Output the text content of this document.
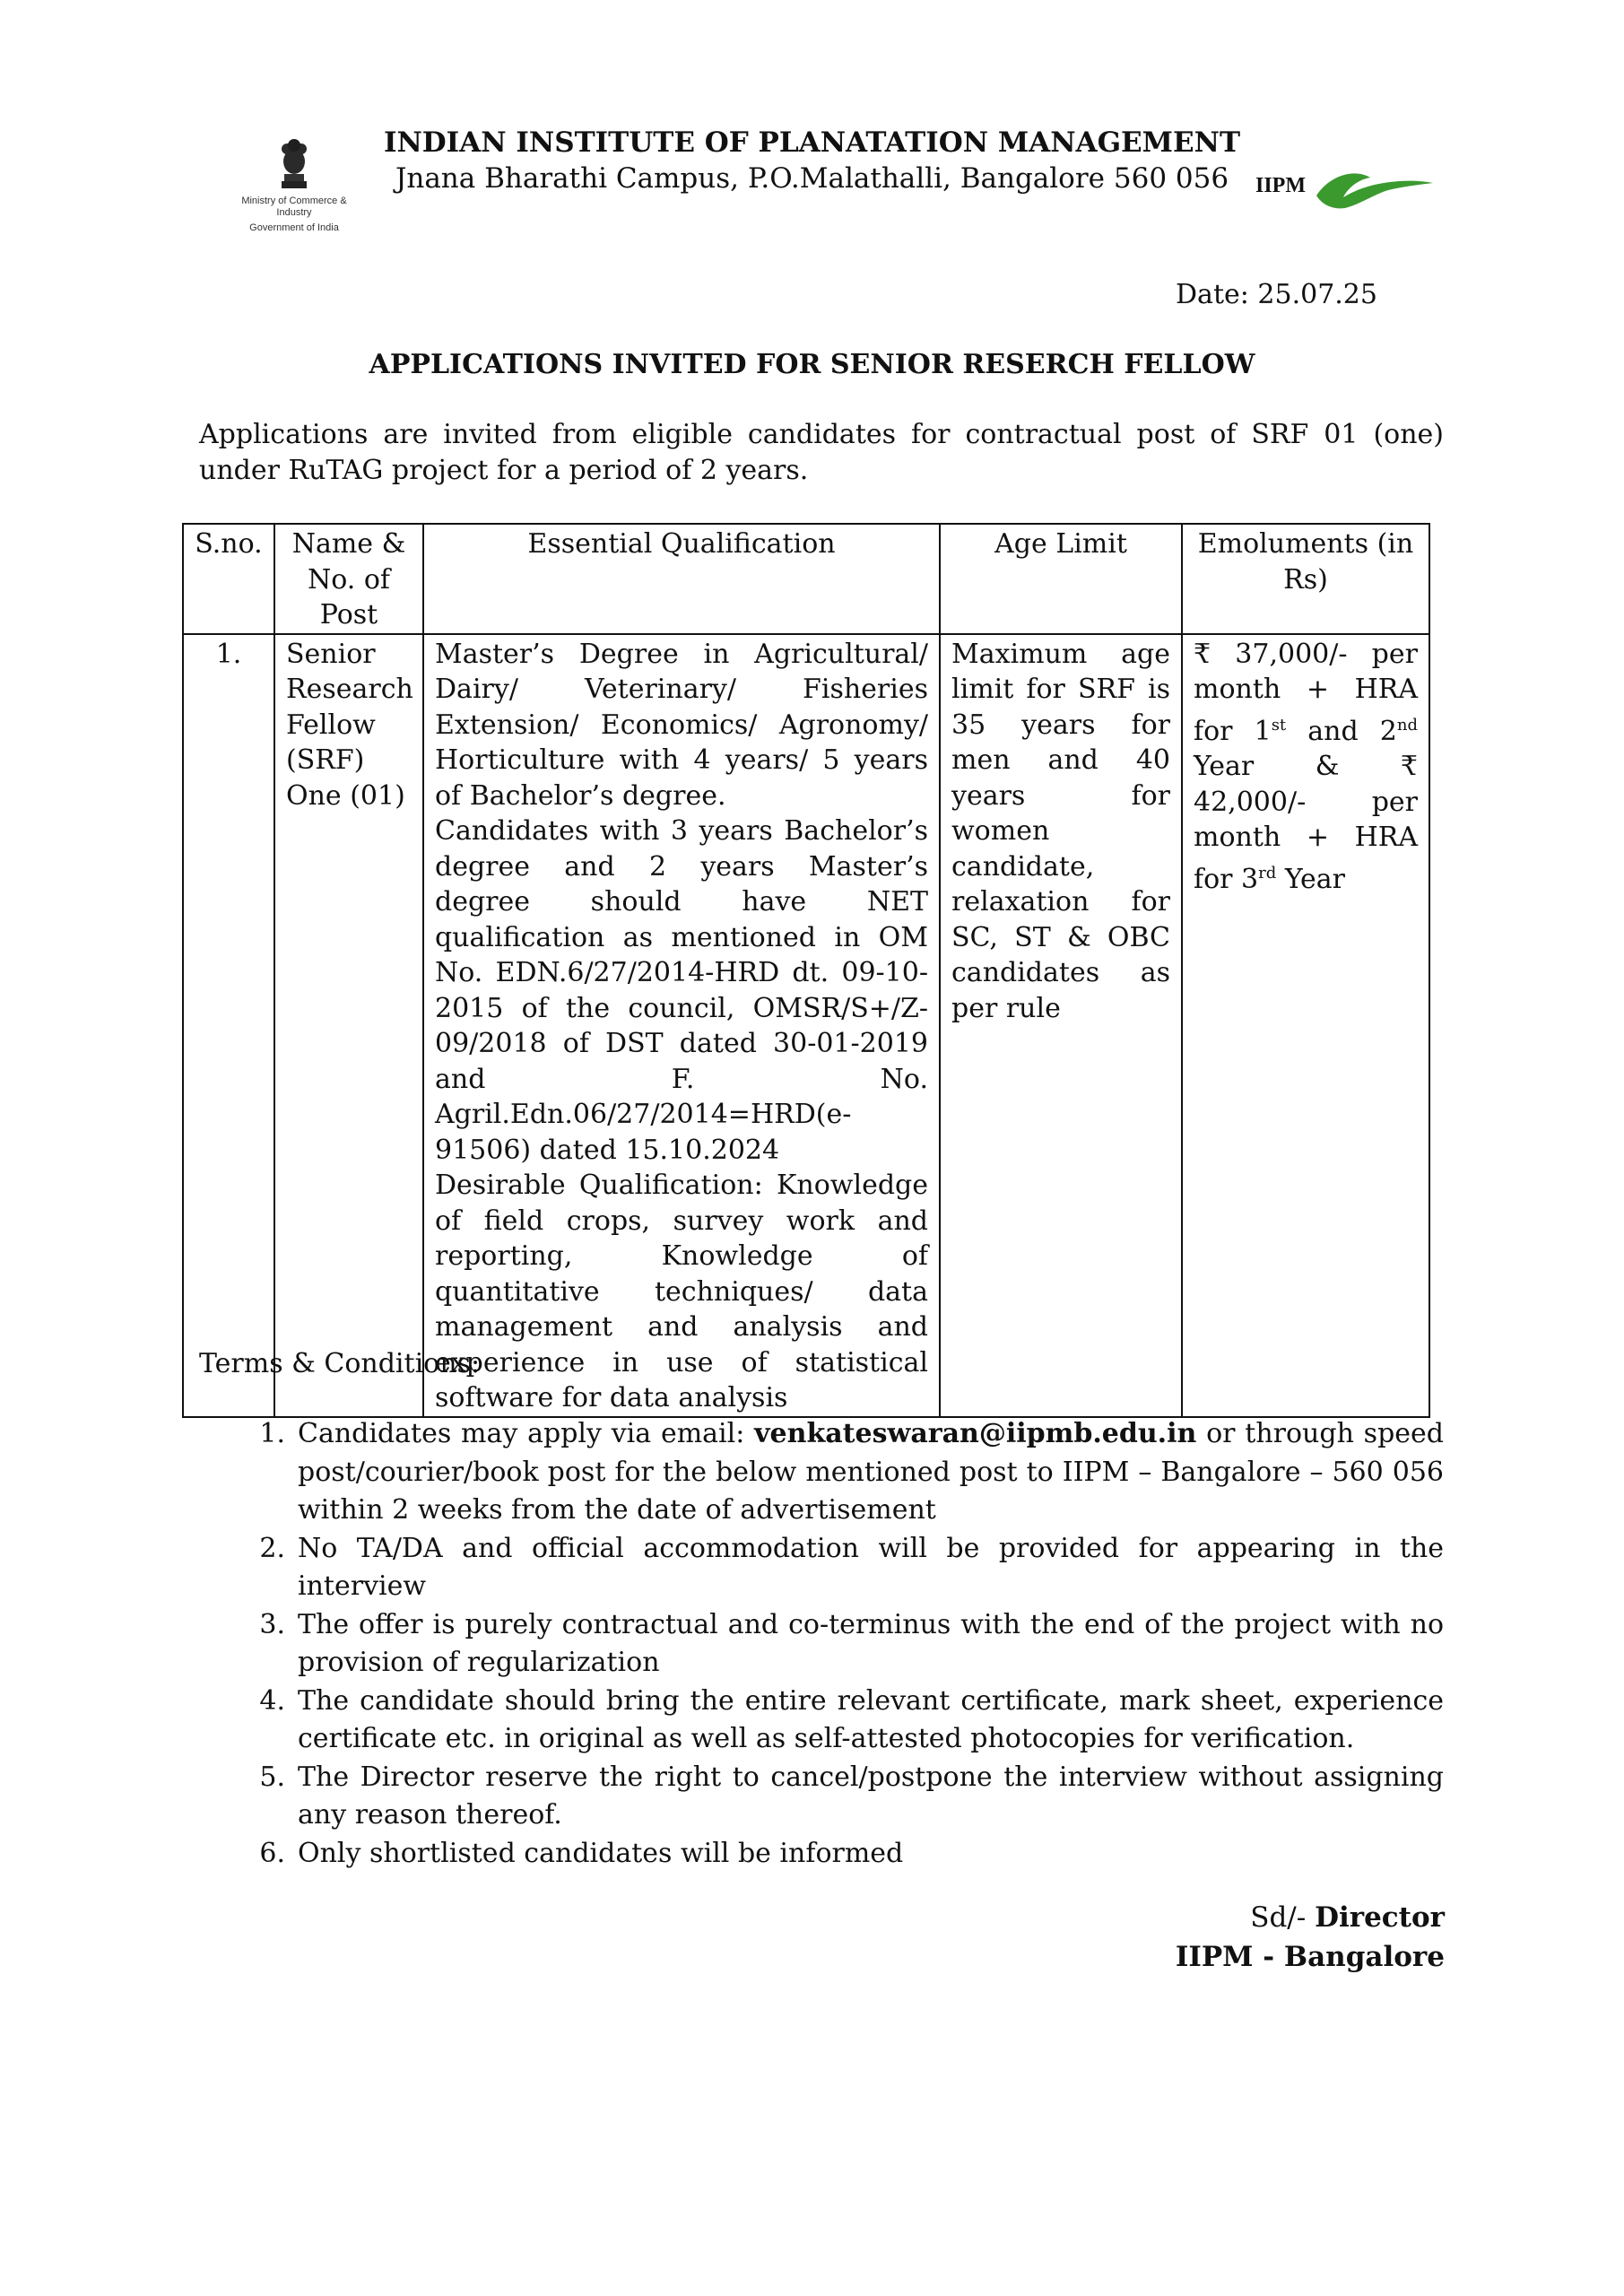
Ministry of Commerce & Industry
Government of India
INDIAN INSTITUTE OF PLANATATION MANAGEMENT
Jnana Bharathi Campus, P.O.Malathalli, Bangalore 560 056	IIPM
Date: 25.07.25
APPLICATIONS INVITED FOR SENIOR RESERCH FELLOW
Applications are invited from eligible candidates for contractual post of SRF 01 (one) under RuTAG project for a period of 2 years.
S.no.	Name & No. of Post	Essential Qualification	Age Limit	Emoluments (in Rs)
1.	Senior Research Fellow (SRF) One (01)	Master’s Degree in Agricultural/ Dairy/ Veterinary/ Fisheries Extension/ Economics/ Agronomy/ Horticulture with 4 years/ 5 years of Bachelor’s degree.
Candidates with 3 years Bachelor’s degree and 2 years Master’s degree should have NET qualification as mentioned in OM No. EDN.6/27/2014-HRD dt. 09-10-2015 of the council, OMSR/S+/Z-09/2018 of DST dated 30-01-2019 and F. No. Agril.Edn.06/27/2014=HRD(e-91506) dated 15.10.2024
Desirable Qualification: Knowledge of field crops, survey work and reporting, Knowledge of quantitative techniques/ data management and analysis and experience in use of statistical software for data analysis	Maximum age limit for SRF is 35 years for men and 40 years for women candidate, relaxation for SC, ST & OBC candidates as per rule	₹ 37,000/- per month + HRA for 1st and 2nd Year & ₹ 42,000/- per month + HRA for 3rd Year
Terms & Conditions:
1. Candidates may apply via email: venkateswaran@iipmb.edu.in or through speed post/courier/book post for the below mentioned post to IIPM – Bangalore – 560 056 within 2 weeks from the date of advertisement
2. No TA/DA and official accommodation will be provided for appearing in the interview
3. The offer is purely contractual and co-terminus with the end of the project with no provision of regularization
4. The candidate should bring the entire relevant certificate, mark sheet, experience certificate etc. in original as well as self-attested photocopies for verification.
5. The Director reserve the right to cancel/postpone the interview without assigning any reason thereof.
6. Only shortlisted candidates will be informed
Sd/- Director
IIPM - Bangalore
